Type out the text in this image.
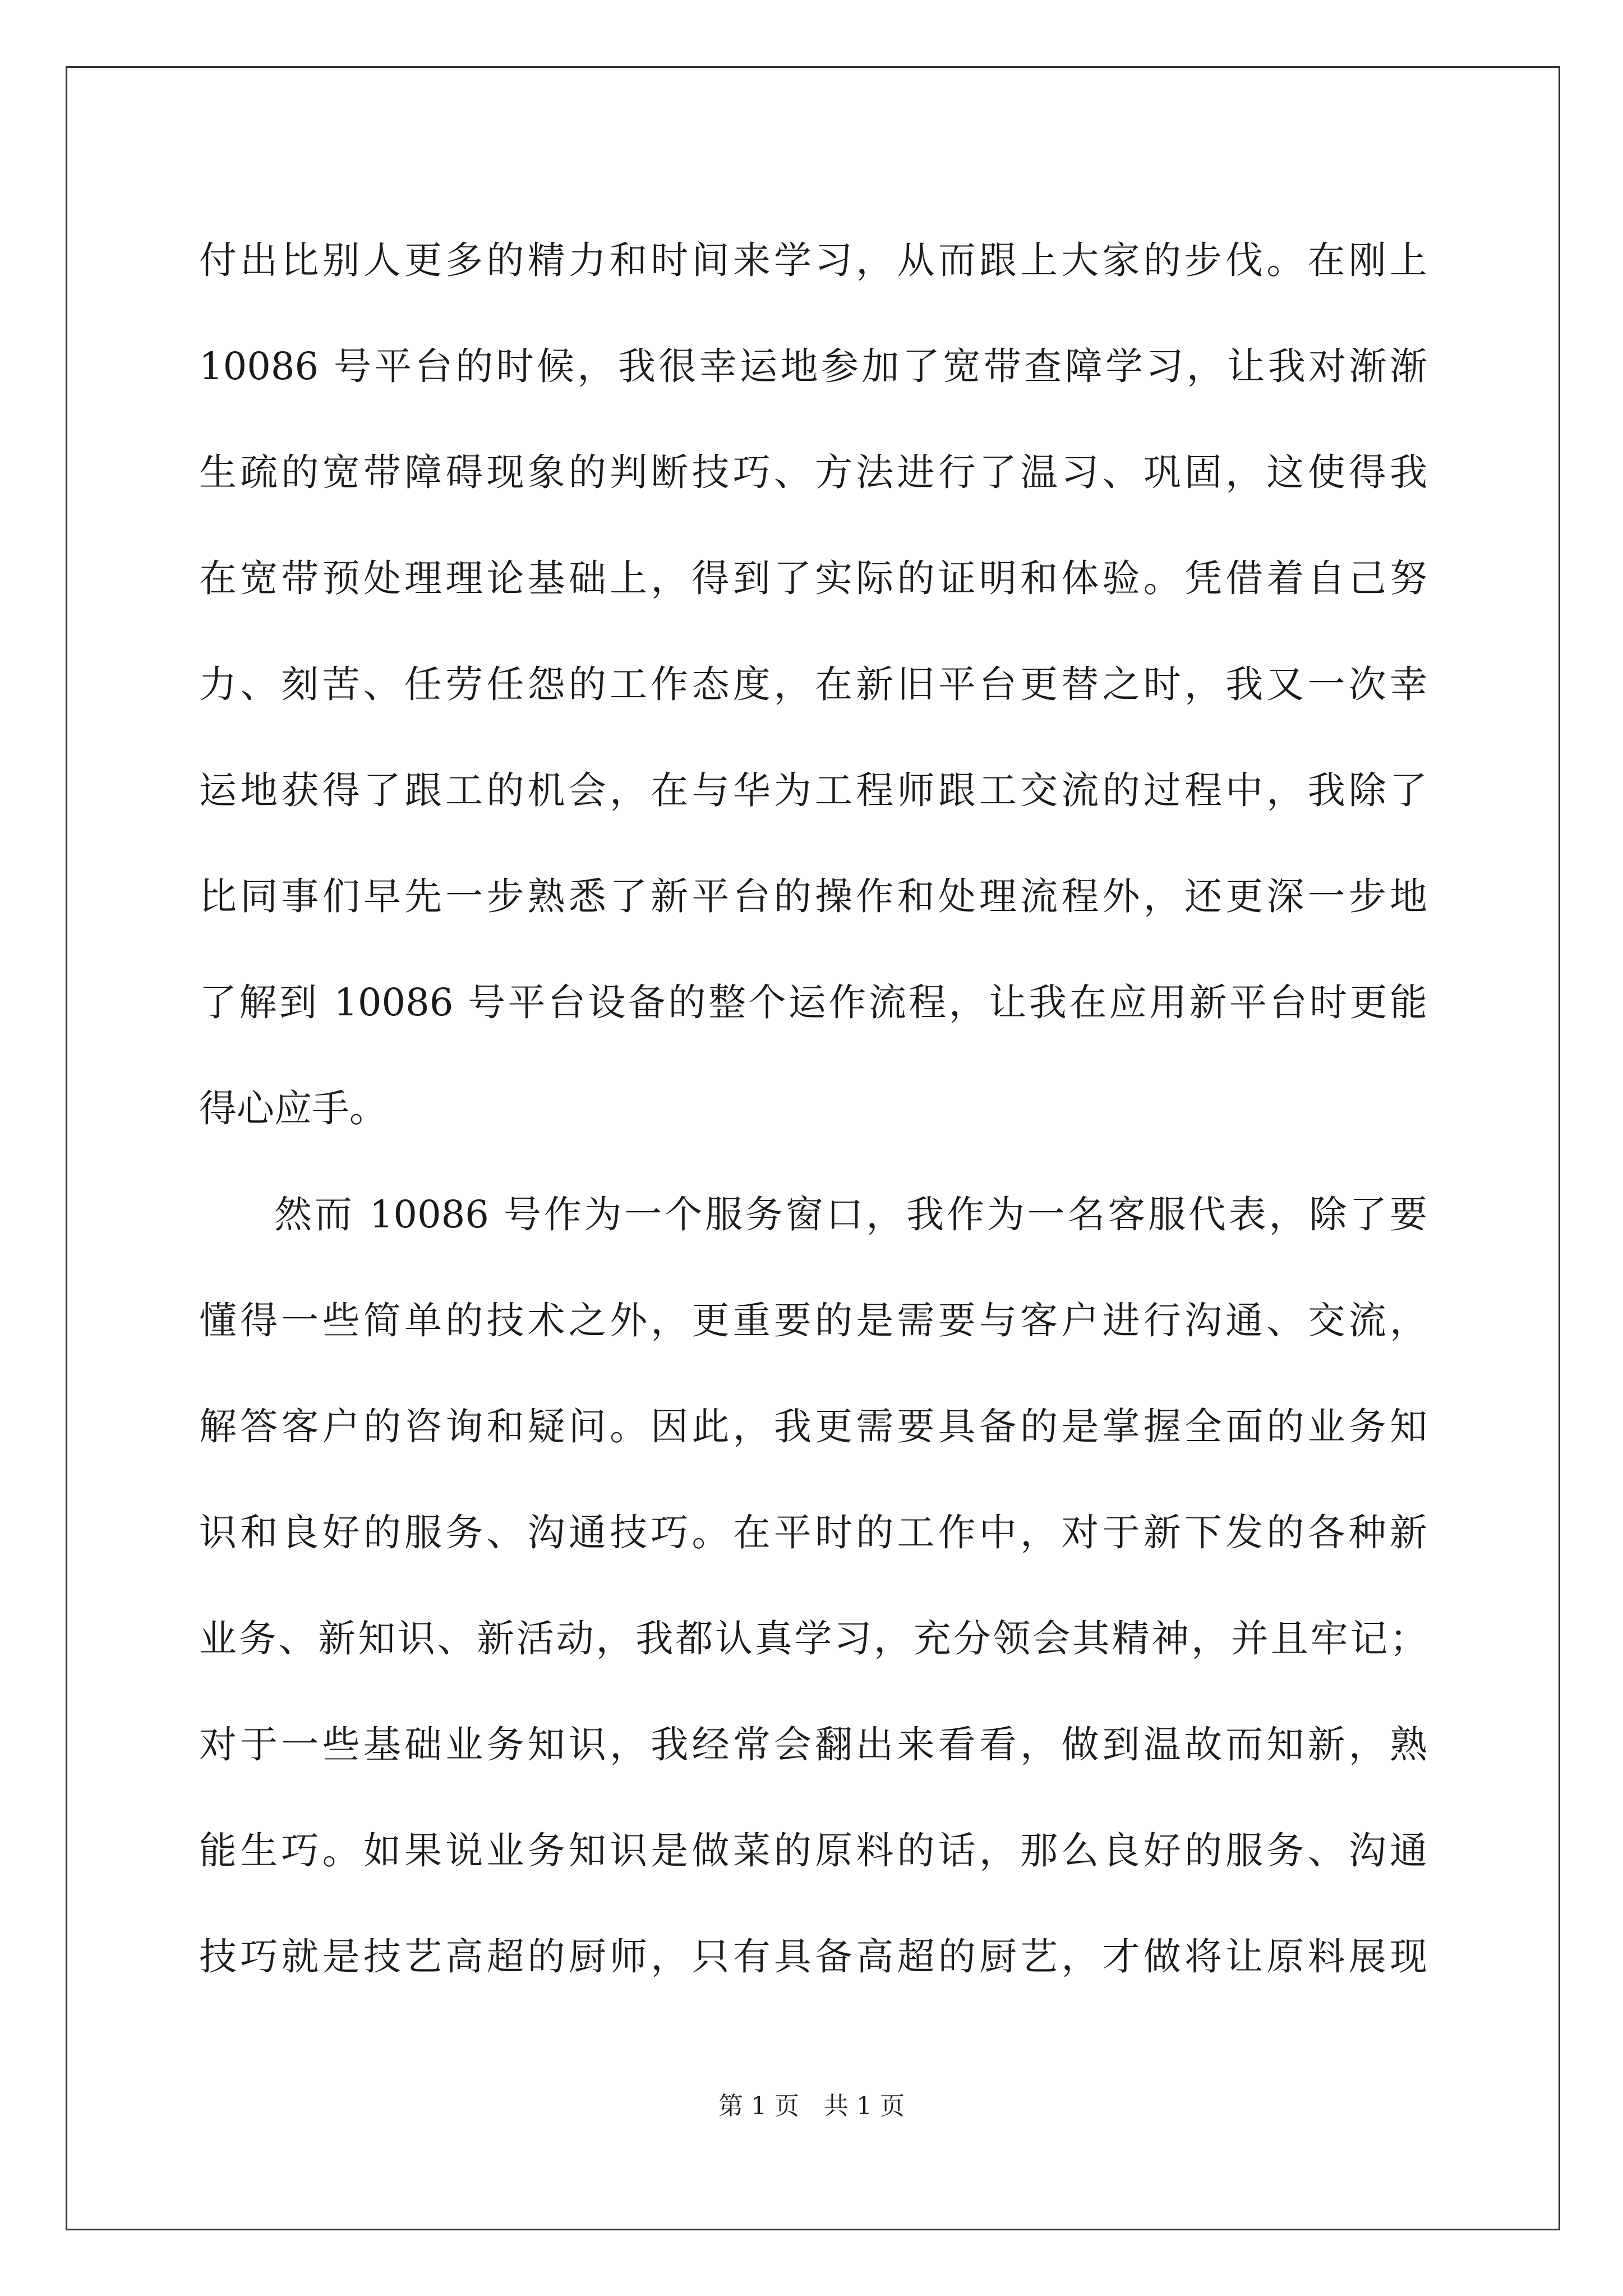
付出比别人更多的精力和时间来学习，从而跟上大家的步伐。在刚上
10086 号平台的时候，我很幸运地参加了宽带查障学习，让我对渐渐
生疏的宽带障碍现象的判断技巧、方法进行了温习、巩固，这使得我
在宽带预处理理论基础上，得到了实际的证明和体验。凭借着自己努
力、刻苦、任劳任怨的工作态度，在新旧平台更替之时，我又一次幸
运地获得了跟工的机会，在与华为工程师跟工交流的过程中，我除了
比同事们早先一步熟悉了新平台的操作和处理流程外，还更深一步地
了解到 10086 号平台设备的整个运作流程，让我在应用新平台时更能
得心应手。
然而 10086 号作为一个服务窗口，我作为一名客服代表，除了要
懂得一些简单的技术之外，更重要的是需要与客户进行沟通、交流，
解答客户的咨询和疑问。因此，我更需要具备的是掌握全面的业务知
识和良好的服务、沟通技巧。在平时的工作中，对于新下发的各种新
业务、新知识、新活动，我都认真学习，充分领会其精神，并且牢记；
对于一些基础业务知识，我经常会翻出来看看，做到温故而知新，熟
能生巧。如果说业务知识是做菜的原料的话，那么良好的服务、沟通
技巧就是技艺高超的厨师，只有具备高超的厨艺，才做将让原料展现
第 1 页　共 1 页
